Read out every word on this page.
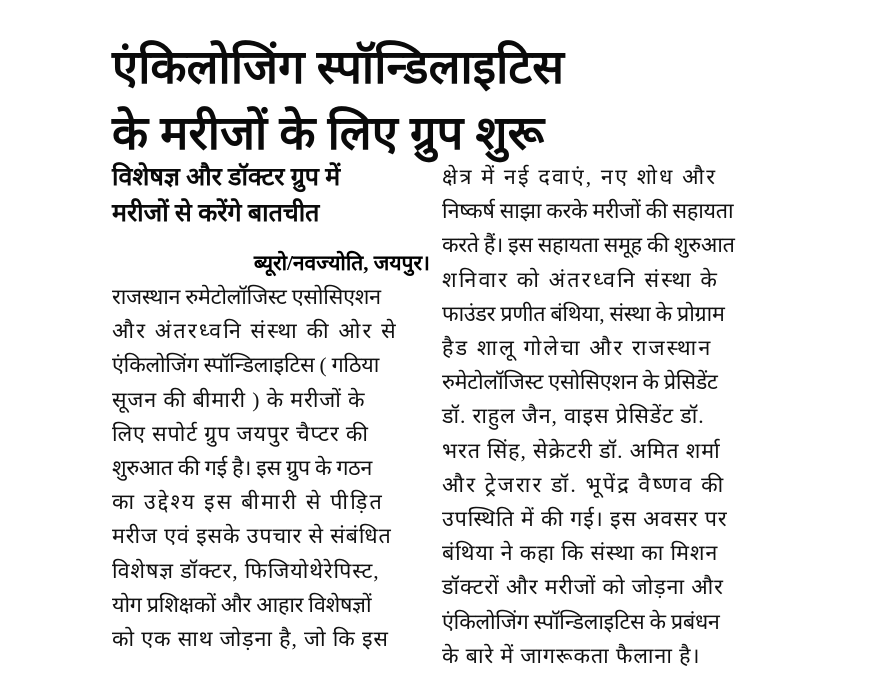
एंकिलोजिंग स्पॉन्डिलाइटिस
के मरीजों के लिए ग्रुप शुरू
विशेषज्ञ और डॉक्टर ग्रुप में
मरीजों से करेंगे बातचीत

ब्यूरो/नवज्योति, जयपुर।

राजस्थान रुमेटोलॉजिस्ट एसोसिएशन
और अंतरध्वनि संस्था की ओर से
एंकिलोजिंग स्पॉन्डिलाइटिस ( गठिया
सूजन की बीमारी ) के मरीजों के
लिए सपोर्ट ग्रुप जयपुर चैप्टर की
शुरुआत की गई है। इस ग्रुप के गठन
का उद्देश्य इस बीमारी से पीड़ित
मरीज एवं इसके उपचार से संबंधित
विशेषज्ञ डॉक्टर, फिजियोथेरेपिस्ट,
योग प्रशिक्षकों और आहार विशेषज्ञों
को एक साथ जोड़ना है, जो कि इस

क्षेत्र में नई दवाएं, नए शोध और
निष्कर्ष साझा करके मरीजों की सहायता
करते हैं। इस सहायता समूह की शुरुआत
शनिवार को अंतरध्वनि संस्था के
फाउंडर प्रणीत बंथिया, संस्था के प्रोग्राम
हैड शालू गोलेचा और राजस्थान
रुमेटोलॉजिस्ट एसोसिएशन के प्रेसिडेंट
डॉ. राहुल जैन, वाइस प्रेसिडेंट डॉ.
भरत सिंह, सेक्रेटरी डॉ. अमित शर्मा
और ट्रेजरार डॉ. भूपेंद्र वैष्णव की
उपस्थिति में की गई। इस अवसर पर
बंथिया ने कहा कि संस्था का मिशन
डॉक्टरों और मरीजों को जोड़ना और
एंकिलोजिंग स्पॉन्डिलाइटिस के प्रबंधन
के बारे में जागरूकता फैलाना है।
